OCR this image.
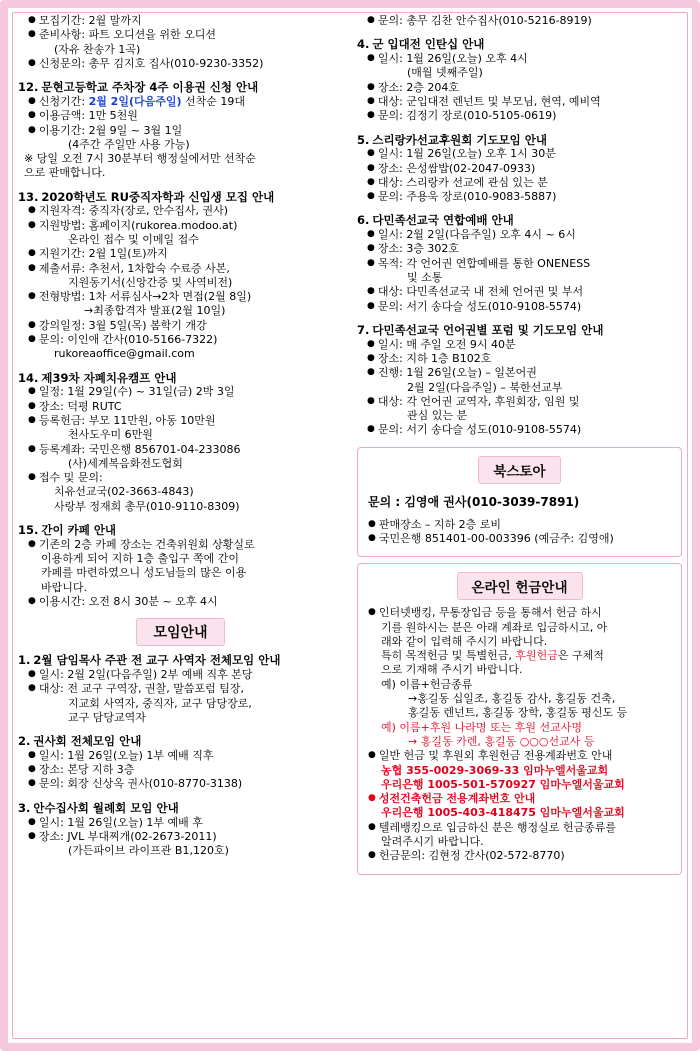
● 모집기간: 2월 말까지
● 준비사항: 파트 오디션을 위한 오디션
(자유 찬송가 1곡)
● 신청문의: 총무 김지호 집사(010-9230-3352)
12. 문현고등학교 주차장 4주 이용권 신청 안내
● 신청기간: 2월 2일(다음주일) 선착순 19대
● 이용금액: 1만 5천원
● 이용기간: 2월 9일 ~ 3월 1일
(4주간 주일만 사용 가능)
※ 당일 오전 7시 30분부터 행정실에서만 선착순
으로 판매합니다.
13. 2020학년도 RU중직자학과 신입생 모집 안내
● 지원자격: 중직자(장로, 안수집사, 권사)
● 지원방법: 홈페이지(rukorea.modoo.at)
온라인 접수 및 이메일 접수
● 지원기간: 2월 1일(토)까지
● 제출서류: 추천서, 1차합숙 수료증 사본,
지원동기서(신앙간증 및 사역비전)
● 전형방법: 1차 서류심사→2차 면접(2월 8일)
→최종합격자 발표(2월 10일)
● 강의일정: 3월 5일(목) 봄학기 개강
● 문의: 이인애 간사(010-5166-7322)
rukoreaoffice@gmail.com
14. 제39차 자폐치유캠프 안내
● 일정: 1월 29일(수) ~ 31일(금) 2박 3일
● 장소: 덕평 RUTC
● 등록헌금: 부모 11만원, 아동 10만원
천사도우미 6만원
● 등록계좌: 국민은행 856701-04-233086
(사)세계복음화전도협회
● 접수 및 문의:
치유선교국(02-3663-4843)
사랑부 정재희 총무(010-9110-8309)
15. 간이 카페 안내
● 기존의 2층 카페 장소는 건축위원회 상황실로
이용하게 되어 지하 1층 출입구 쪽에 간이
카페를 마련하였으니 성도님들의 많은 이용
바랍니다.
● 이용시간: 오전 8시 30분 ~ 오후 4시
모임안내
1. 2월 담임목사 주관 전 교구 사역자 전체모임 안내
● 일시: 2월 2일(다음주일) 2부 예배 직후 본당
● 대상: 전 교구 구역장, 권찰, 말씀포럼 팀장,
지교회 사역자, 중직자, 교구 담당장로,
교구 담당교역자
2. 권사회 전체모임 안내
● 일시: 1월 26일(오늘) 1부 예배 직후
● 장소: 본당 지하 3층
● 문의: 회장 신상옥 권사(010-8770-3138)
3. 안수집사회 월례회 모임 안내
● 일시: 1월 26일(오늘) 1부 예배 후
● 장소: JVL 부대찌개(02-2673-2011)
(가든파이브 라이프관 B1,120호)
● 문의: 총무 김찬 안수집사(010-5216-8919)
4. 군 입대전 인탄십 안내
● 일시: 1월 26일(오늘) 오후 4시
(매월 넷째주일)
● 장소: 2층 204호
● 대상: 군입대전 렌넌트 및 부모님, 현역, 예비역
● 문의: 김정기 장로(010-5105-0619)
5. 스리랑카선교후원회 기도모임 안내
● 일시: 1월 26일(오늘) 오후 1시 30분
● 장소: 은성쌈밥(02-2047-0933)
● 대상: 스리랑카 선교에 관심 있는 분
● 문의: 주용욱 장로(010-9083-5887)
6. 다민족선교국 연합예배 안내
● 일시: 2월 2일(다음주일) 오후 4시 ~ 6시
● 장소: 3층 302호
● 목적: 각 언어권 연합예배를 통한 ONENESS
및 소통
● 대상: 다민족선교국 내 전체 언어권 및 부서
● 문의: 서기 송다슬 성도(010-9108-5574)
7. 다민족선교국 언어권별 포럼 및 기도모임 안내
● 일시: 매 주일 오전 9시 40분
● 장소: 지하 1층 B102호
● 진행: 1월 26일(오늘) – 일본어권
2월 2일(다음주일) – 북한선교부
● 대상: 각 언어권 교역자, 후원회장, 임원 및
관심 있는 분
● 문의: 서기 송다슬 성도(010-9108-5574)
북스토아
문의 : 김영애 권사(010-3039-7891)
● 판매장소 – 지하 2층 로비
● 국민은행 851401-00-003396 (예금주: 김영애)
온라인 헌금안내
● 인터넷뱅킹, 무통장입금 등을 통해서 헌금 하시
기를 원하시는 분은 아래 계좌로 입금하시고, 아
래와 같이 입력해 주시기 바랍니다.
특히 목적헌금 및 특별헌금, 후원헌금은 구체적
으로 기재해 주시기 바랍니다.
예) 이름+헌금종류
→홍길동 십일조, 홍길동 감사, 홍길동 건축,
홍길동 렌넌트, 홍길동 장학, 홍길동 평신도 등
예) 이름+후원 나라명 또는 후원 선교사명
→ 홍길동 카렌, 홍길동 ○○○선교사 등
● 일반 헌금 및 후원외 후원헌금 전용계좌번호 안내
농협 355-0029-3069-33 임마누엘서울교회
우리은행 1005-501-570927 임마누엘서울교회
● 성전건축헌금 전용계좌번호 안내
우리은행 1005-403-418475 임마누엘서울교회
● 텔레뱅킹으로 입금하신 분은 행정실로 헌금종류를
알려주시기 바랍니다.
● 헌금문의: 김현정 간사(02-572-8770)
